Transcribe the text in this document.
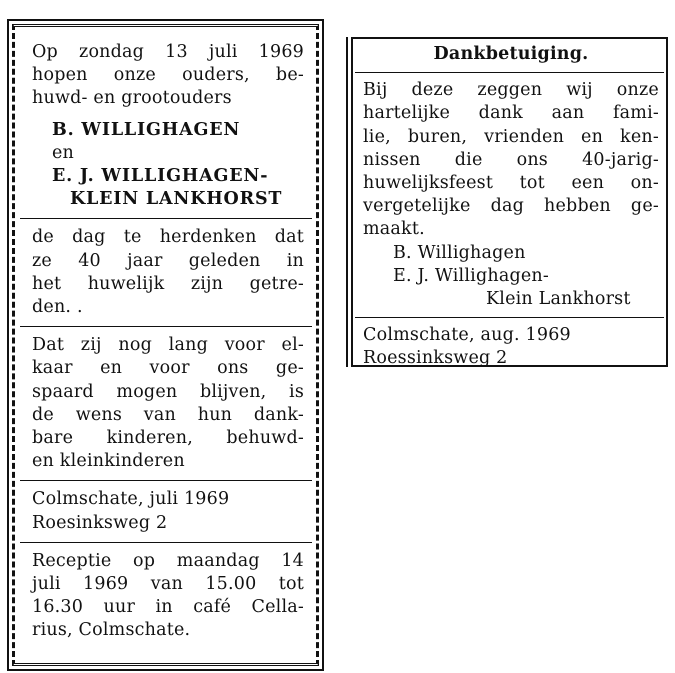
Op zondag 13 juli 1969

hopen onze ouders, be-

huwd- en grootouders

B. WILLIGHAGEN

en

E. J. WILLIGHAGEN-

KLEIN LANKHORST

de dag te herdenken dat

ze 40 jaar geleden in

het huwelijk zijn getre-

den. .

Dat zij nog lang voor el-

kaar en voor ons ge-

spaard mogen blijven, is

de wens van hun dank-

bare kinderen, behuwd-

en kleinkinderen

Colmschate, juli 1969

Roesinksweg 2

Receptie op maandag 14

juli 1969 van 15.00 tot

16.30 uur in café Cella-

rius, Colmschate.

Dankbetuiging.

Bij deze zeggen wij onze

hartelijke dank aan fami-

lie, buren, vrienden en ken-

nissen die ons 40-jarig-

huwelijksfeest tot een on-

vergetelijke dag hebben ge-

maakt.

B. Willighagen

E. J. Willighagen-

Klein Lankhorst

Colmschate, aug. 1969

Roessinksweg 2
